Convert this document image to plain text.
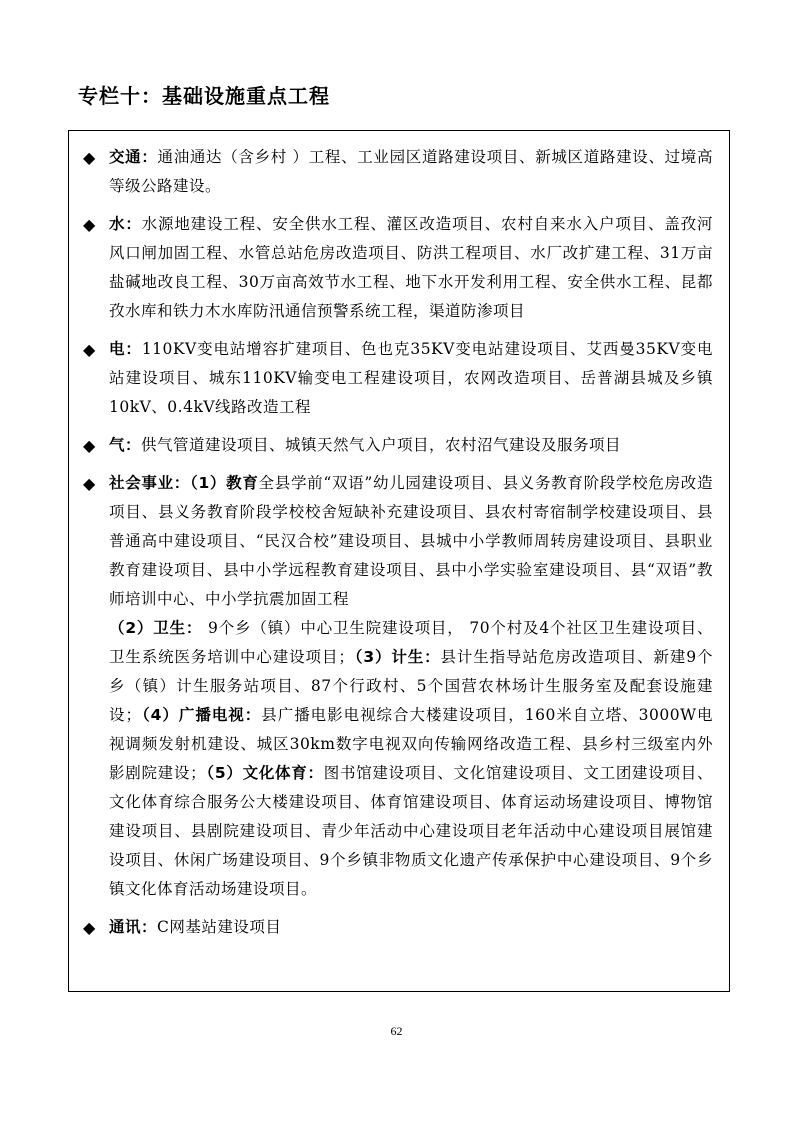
专栏十：基础设施重点工程
◆ 交通：通油通达（含乡村 ）工程、工业园区道路建设项目、新城区道路建设、过境高等级公路建设。
◆ 水：水源地建设工程、安全供水工程、灌区改造项目、农村自来水入户项目、盖孜河风口闸加固工程、水管总站危房改造项目、防洪工程项目、水厂改扩建工程、31万亩盐碱地改良工程、30万亩高效节水工程、地下水开发利用工程、安全供水工程、昆都孜水库和铁力木水库防汛通信预警系统工程，渠道防渗项目
◆ 电：110KV变电站增容扩建项目、色也克35KV变电站建设项目、艾西曼35KV变电站建设项目、城东110KV输变电工程建设项目，农网改造项目、岳普湖县城及乡镇10kV、0.4kV线路改造工程
◆ 气：供气管道建设项目、城镇天然气入户项目，农村沼气建设及服务项目
◆ 社会事业：（1）教育全县学前“双语”幼儿园建设项目、县义务教育阶段学校危房改造项目、县义务教育阶段学校校舍短缺补充建设项目、县农村寄宿制学校建设项目、县普通高中建设项目、“民汉合校”建设项目、县城中小学教师周转房建设项目、县职业教育建设项目、县中小学远程教育建设项目、县中小学实验室建设项目、县“双语”教师培训中心、中小学抗震加固工程
（2）卫生： 9个乡（镇）中心卫生院建设项目， 70个村及4个社区卫生建设项目、卫生系统医务培训中心建设项目；（3）计生：县计生指导站危房改造项目、新建9个乡（镇）计生服务站项目、87个行政村、5个国营农林场计生服务室及配套设施建设；（4）广播电视：县广播电影电视综合大楼建设项目，160米自立塔、3000W电视调频发射机建设、城区30km数字电视双向传输网络改造工程、县乡村三级室内外影剧院建设；（5）文化体育：图书馆建设项目、文化馆建设项目、文工团建设项目、文化体育综合服务公大楼建设项目、体育馆建设项目、体育运动场建设项目、博物馆建设项目、县剧院建设项目、青少年活动中心建设项目老年活动中心建设项目展馆建设项目、休闲广场建设项目、9个乡镇非物质文化遗产传承保护中心建设项目、9个乡镇文化体育活动场建设项目。
◆ 通讯：C网基站建设项目
62
